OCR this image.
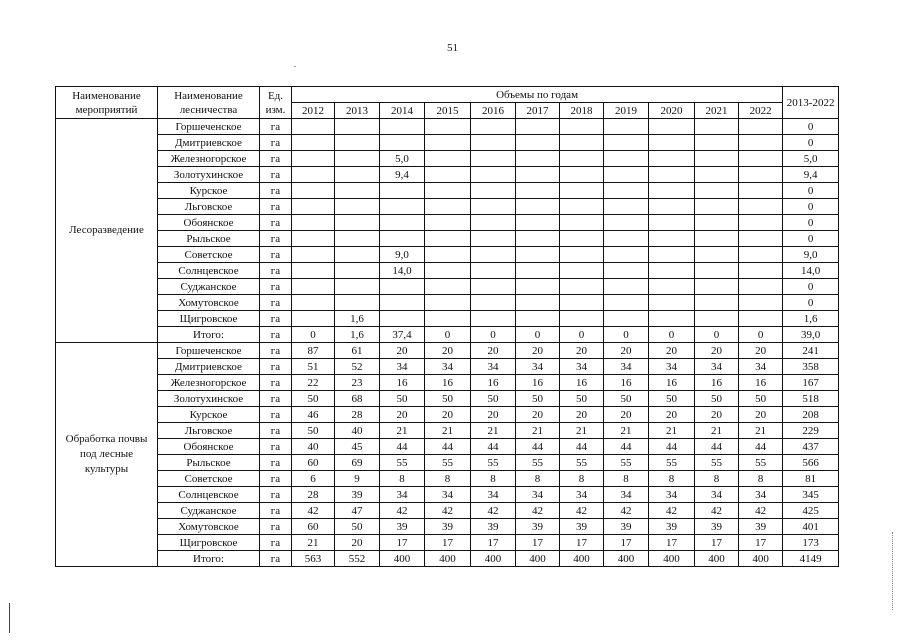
51
Наименование мероприятий	Наименование лесничества	Ед. изм.	Объемы по годам											2013-2022
			2012	2013	2014	2015	2016	2017	2018	2019	2020	2021	2022	
Лесоразведение	Горшеченское	га												0
	Дмитриевское	га												0
	Железногорское	га			5,0									5,0
	Золотухинское	га			9,4									9,4
	Курское	га												0
	Льговское	га												0
	Обоянское	га												0
	Рыльское	га												0
	Советское	га			9,0									9,0
	Солнцевское	га			14,0									14,0
	Суджанское	га												0
	Хомутовское	га												0
	Щигровское	га		1,6										1,6
	Итого:	га	0	1,6	37,4	0	0	0	0	0	0	0	0	39,0
Обработка почвы под лесные культуры	Горшеченское	га	87	61	20	20	20	20	20	20	20	20	20	241
	Дмитриевское	га	51	52	34	34	34	34	34	34	34	34	34	358
	Железногорское	га	22	23	16	16	16	16	16	16	16	16	16	167
	Золотухинское	га	50	68	50	50	50	50	50	50	50	50	50	518
	Курское	га	46	28	20	20	20	20	20	20	20	20	20	208
	Льговское	га	50	40	21	21	21	21	21	21	21	21	21	229
	Обоянское	га	40	45	44	44	44	44	44	44	44	44	44	437
	Рыльское	га	60	69	55	55	55	55	55	55	55	55	55	566
	Советское	га	6	9	8	8	8	8	8	8	8	8	8	81
	Солнцевское	га	28	39	34	34	34	34	34	34	34	34	34	345
	Суджанское	га	42	47	42	42	42	42	42	42	42	42	42	425
	Хомутовское	га	60	50	39	39	39	39	39	39	39	39	39	401
	Щигровское	га	21	20	17	17	17	17	17	17	17	17	17	173
	Итого:	га	563	552	400	400	400	400	400	400	400	400	400	4149
